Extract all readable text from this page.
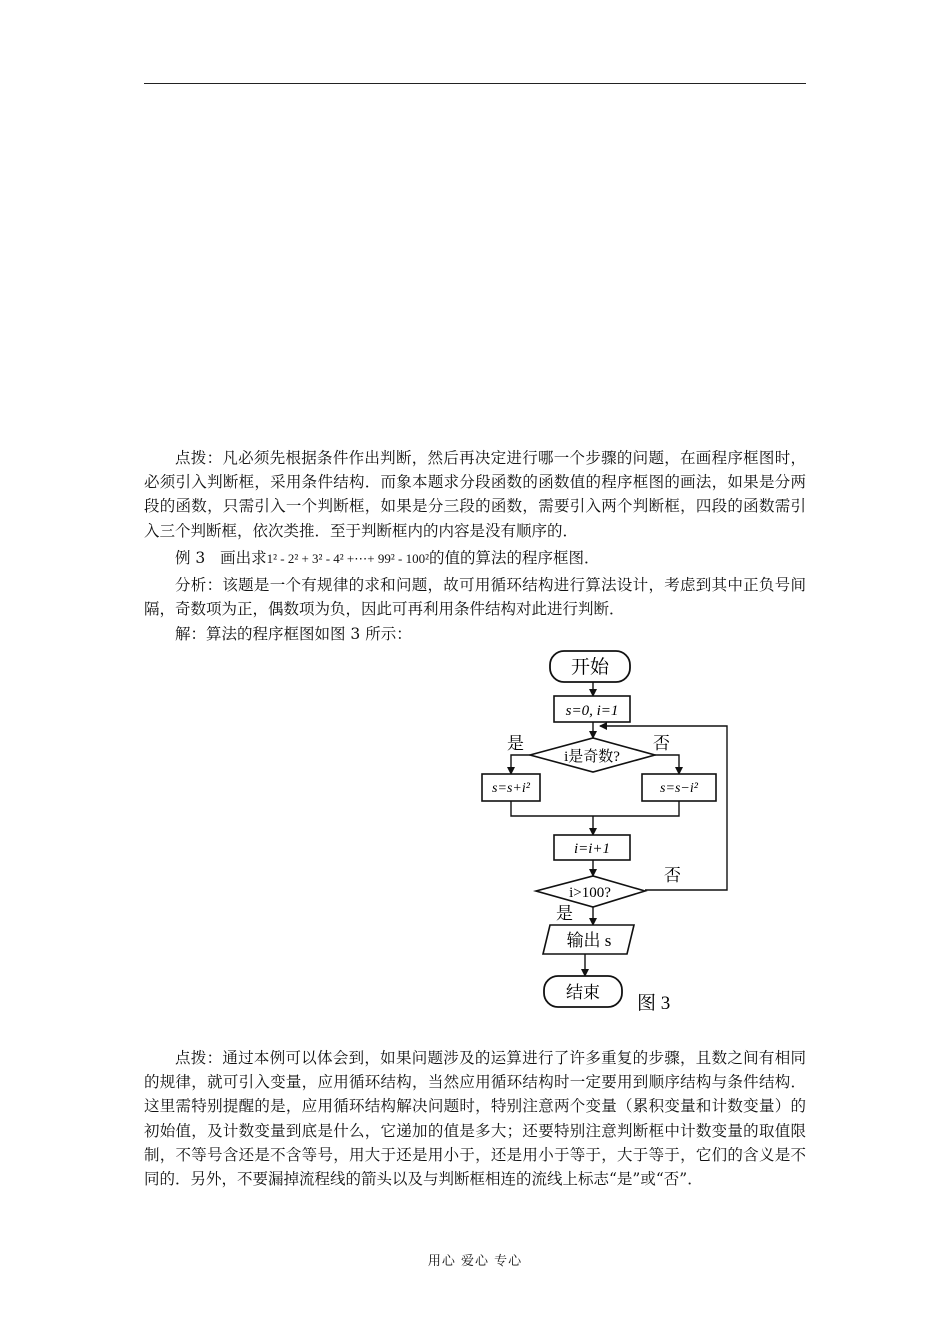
点拨：凡必须先根据条件作出判断，然后再决定进行哪一个步骤的问题，在画程序框图时，必须引入判断框，采用条件结构．而象本题求分段函数的函数值的程序框图的画法，如果是分两段的函数，只需引入一个判断框，如果是分三段的函数，需要引入两个判断框，四段的函数需引入三个判断框，依次类推．至于判断框内的内容是没有顺序的．

例 3 画出求1² - 2² + 3² - 4² +⋯+ 99² - 100²的值的算法的程序框图．

分析：该题是一个有规律的求和问题，故可用循环结构进行算法设计，考虑到其中正负号间隔，奇数项为正，偶数项为负，因此可再利用条件结构对此进行判断．

解：算法的程序框图如图 3 所示：

开始
s=0, i=1
i是奇数?
是	否
s=s+i²	s=s−i²
i=i+1
否
i>100?
是
输出 s
结束
图 3

点拨：通过本例可以体会到，如果问题涉及的运算进行了许多重复的步骤，且数之间有相同的规律，就可引入变量，应用循环结构，当然应用循环结构时一定要用到顺序结构与条件结构．这里需特别提醒的是，应用循环结构解决问题时，特别注意两个变量（累积变量和计数变量）的初始值，及计数变量到底是什么，它递加的值是多大；还要特别注意判断框中计数变量的取值限制，不等号含还是不含等号，用大于还是用小于，还是用小于等于，大于等于，它们的含义是不同的．另外，不要漏掉流程线的箭头以及与判断框相连的流线上标志“是”或“否”．

用心 爱心 专心
